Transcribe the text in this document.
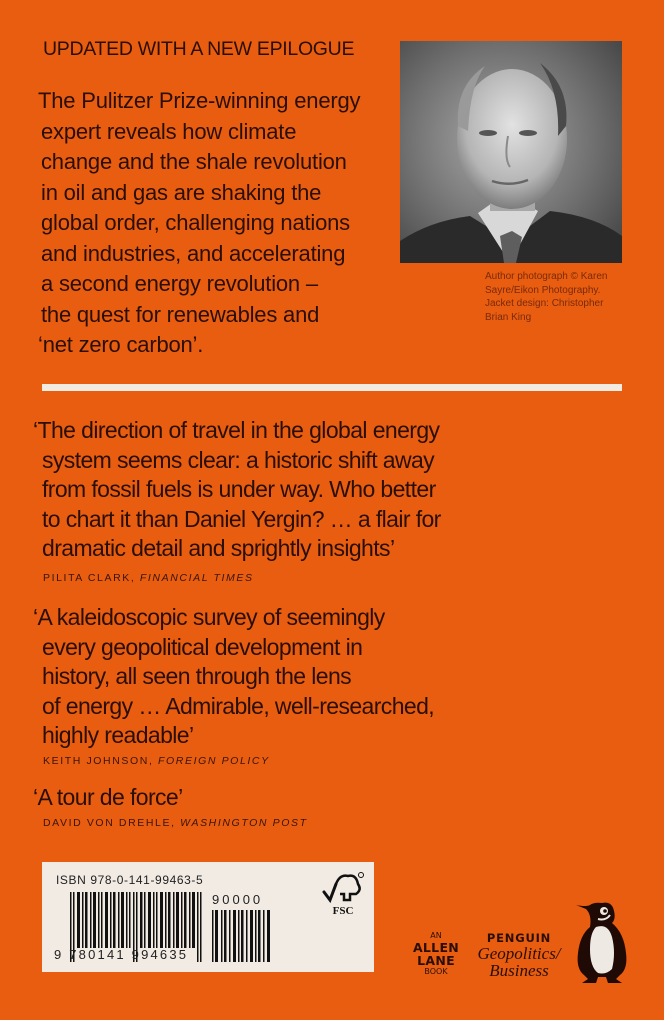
UPDATED WITH A NEW EPILOGUE
The Pulitzer Prize-winning energy
expert reveals how climate
change and the shale revolution
in oil and gas are shaking the
global order, challenging nations
and industries, and accelerating
a second energy revolution –
the quest for renewables and
‘net zero carbon’.
Author photograph © Karen
Sayre/Eikon Photography.
Jacket design: Christopher
Brian King
‘The direction of travel in the global energy
system seems clear: a historic shift away
from fossil fuels is under way. Who better
to chart it than Daniel Yergin? … a flair for
dramatic detail and sprightly insights’
PILITA CLARK, FINANCIAL TIMES
‘A kaleidoscopic survey of seemingly
every geopolitical development in
history, all seen through the lens
of energy … Admirable, well-researched,
highly readable’
KEITH JOHNSON, FOREIGN POLICY
‘A tour de force’
DAVID VON DREHLE, WASHINGTON POST
ISBN 978-0-141-99463-5
9 780141 994635
90000
FSC
AN
ALLEN
LANE
BOOK
PENGUIN
Geopolitics/
Business
